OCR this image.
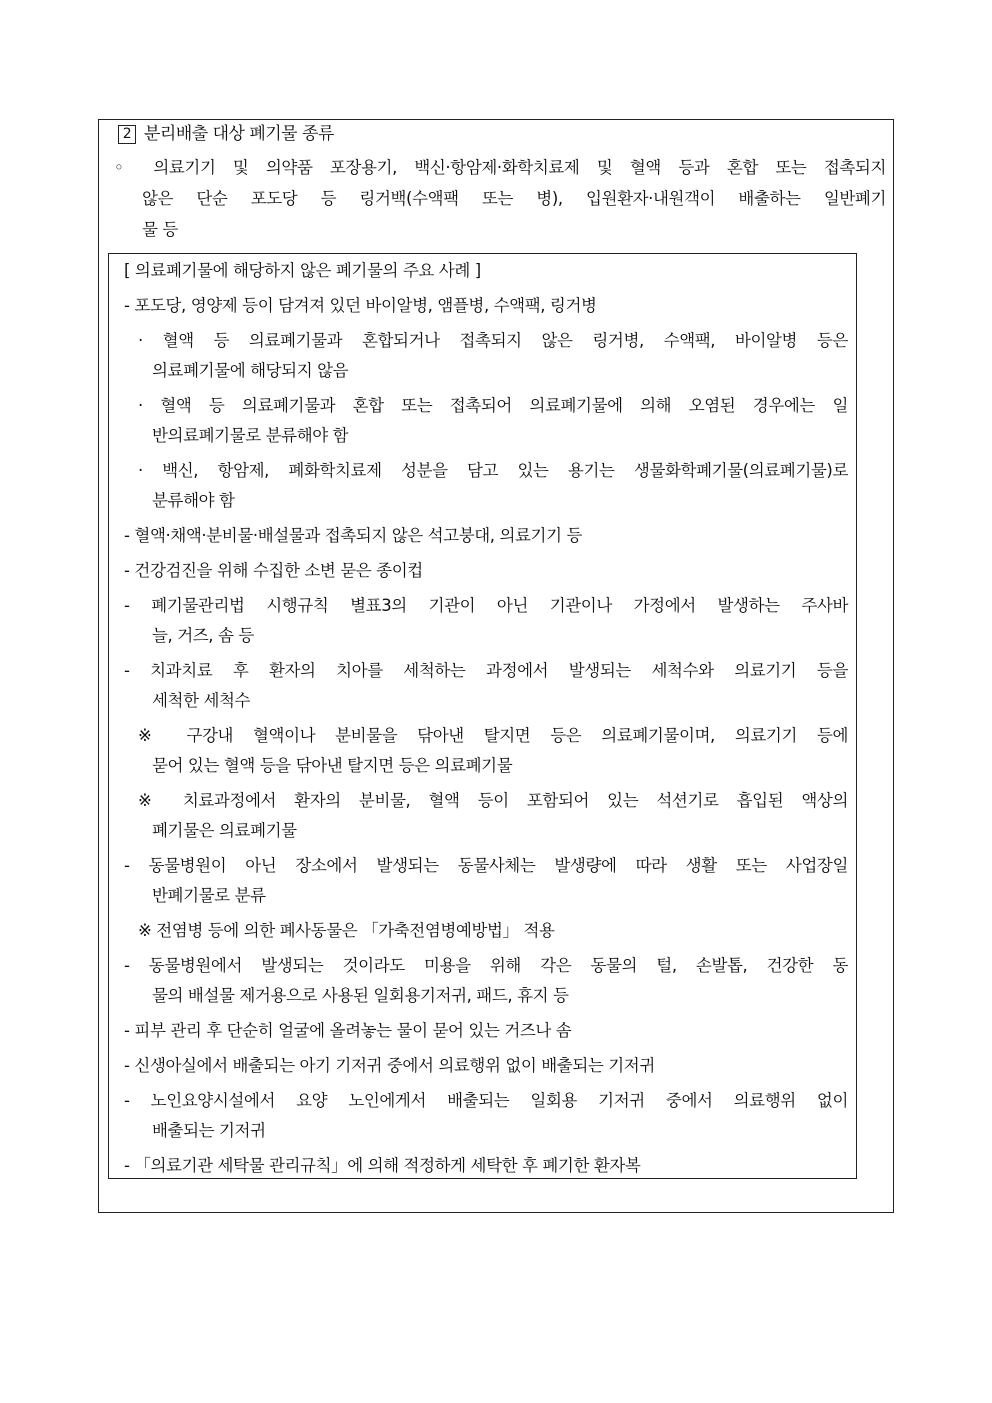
2 분리배출 대상 폐기물 종류
◦ 의료기기 및 의약품 포장용기, 백신·항암제·화학치료제 및 혈액 등과 혼합 또는 접촉되지
않은 단순 포도당 등 링거백(수액팩 또는 병), 입원환자·내원객이 배출하는 일반폐기
물 등
[ 의료폐기물에 해당하지 않은 폐기물의 주요 사례 ]
- 포도당, 영양제 등이 담겨져 있던 바이알병, 앰플병, 수액팩, 링거병
· 혈액 등 의료폐기물과 혼합되거나 접촉되지 않은 링거병, 수액팩, 바이알병 등은
의료폐기물에 해당되지 않음
· 혈액 등 의료폐기물과 혼합 또는 접촉되어 의료폐기물에 의해 오염된 경우에는 일
반의료폐기물로 분류해야 함
· 백신, 항암제, 폐화학치료제 성분을 담고 있는 용기는 생물화학폐기물(의료폐기물)로
분류해야 함
- 혈액·채액·분비물·배설물과 접촉되지 않은 석고붕대, 의료기기 등
- 건강검진을 위해 수집한 소변 묻은 종이컵
- 폐기물관리법 시행규칙 별표3의 기관이 아닌 기관이나 가정에서 발생하는 주사바
늘, 거즈, 솜 등
- 치과치료 후 환자의 치아를 세척하는 과정에서 발생되는 세척수와 의료기기 등을
세척한 세척수
※ 구강내 혈액이나 분비물을 닦아낸 탈지면 등은 의료폐기물이며, 의료기기 등에
묻어 있는 혈액 등을 닦아낸 탈지면 등은 의료폐기물
※ 치료과정에서 환자의 분비물, 혈액 등이 포함되어 있는 석션기로 흡입된 액상의
폐기물은 의료폐기물
- 동물병원이 아닌 장소에서 발생되는 동물사체는 발생량에 따라 생활 또는 사업장일
반폐기물로 분류
※ 전염병 등에 의한 폐사동물은 「가축전염병예방법」 적용
- 동물병원에서 발생되는 것이라도 미용을 위해 각은 동물의 털, 손발톱, 건강한 동
물의 배설물 제거용으로 사용된 일회용기저귀, 패드, 휴지 등
- 피부 관리 후 단순히 얼굴에 올려놓는 물이 묻어 있는 거즈나 솜
- 신생아실에서 배출되는 아기 기저귀 중에서 의료행위 없이 배출되는 기저귀
- 노인요양시설에서 요양 노인에게서 배출되는 일회용 기저귀 중에서 의료행위 없이
배출되는 기저귀
- 「의료기관 세탁물 관리규칙」에 의해 적정하게 세탁한 후 폐기한 환자복
